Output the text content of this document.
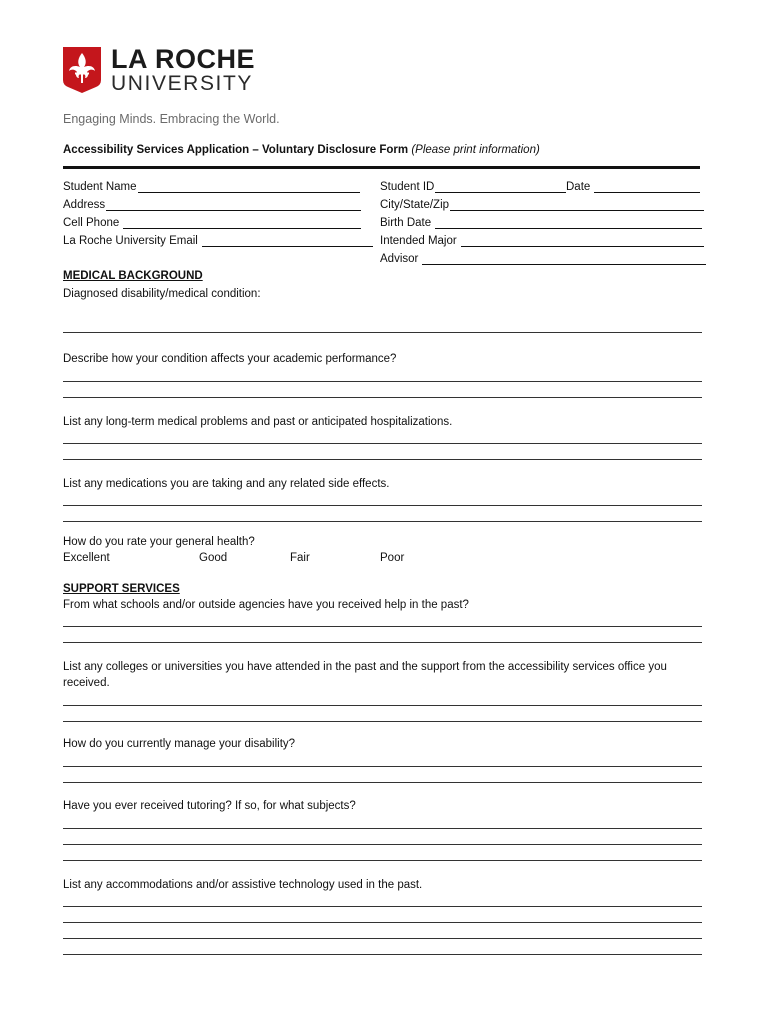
LA ROCHE
UNIVERSITY
Engaging Minds. Embracing the World.
Accessibility Services Application – Voluntary Disclosure Form (Please print information)
Student Name	Student ID	Date
Address	City/State/Zip
Cell Phone	Birth Date
La Roche University Email	Intended Major
Advisor
MEDICAL BACKGROUND
Diagnosed disability/medical condition:
Describe how your condition affects your academic performance?
List any long-term medical problems and past or anticipated hospitalizations.
List any medications you are taking and any related side effects.
How do you rate your general health?
Excellent	Good	Fair	Poor
SUPPORT SERVICES
From what schools and/or outside agencies have you received help in the past?
List any colleges or universities you have attended in the past and the support from the accessibility services office you
received.
How do you currently manage your disability?
Have you ever received tutoring? If so, for what subjects?
List any accommodations and/or assistive technology used in the past.
